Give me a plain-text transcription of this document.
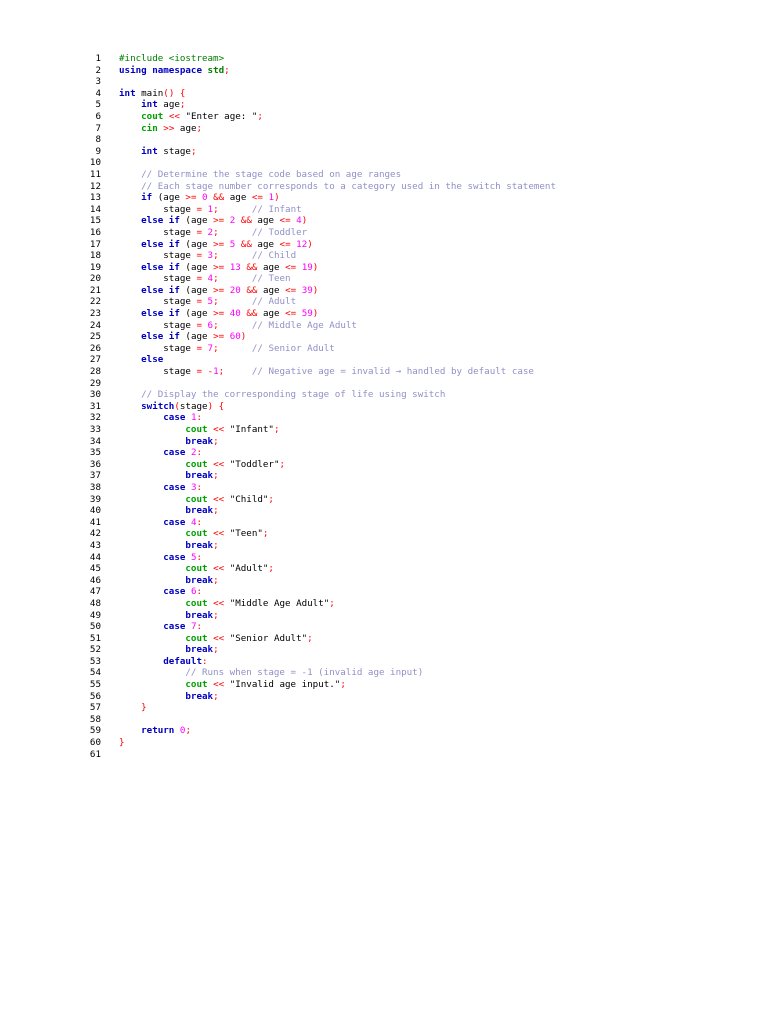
1 #include <iostream>
2 using namespace std;
3
4 int main() {
5	int age;
6	cout << "Enter age: ";
7	cin >> age;
8
9	int stage;
10
11	// Determine the stage code based on age ranges
12	// Each stage number corresponds to a category used in the switch statement
13	if (age >= 0 && age <= 1)
14 stage = 1;	// Infant
15	else if (age >= 2 && age <= 4)
16 stage = 2;	// Toddler
17	else if (age >= 5 && age <= 12)
18 stage = 3;	// Child
19	else if (age >= 13 && age <= 19)
20 stage = 4;	// Teen
21	else if (age >= 20 && age <= 39)
22 stage = 5;	// Adult
23	else if (age >= 40 && age <= 59)
24 stage = 6;	// Middle Age Adult
25	else if (age >= 60)
26 stage = 7;	// Senior Adult
27	else
28 stage = -1;	// Negative age = invalid → handled by default case
29
30	// Display the corresponding stage of life using switch
31	switch(stage) {
32	case 1:
33	cout << "Infant";
34	break;
35	case 2:
36	cout << "Toddler";
37	break;
38	case 3:
39	cout << "Child";
40	break;
41	case 4:
42	cout << "Teen";
43	break;
44	case 5:
45	cout << "Adult";
46	break;
47	case 6:
48	cout << "Middle Age Adult";
49	break;
50	case 7:
51	cout << "Senior Adult";
52	break;
53	default:
54	// Runs when stage = -1 (invalid age input)
55	cout << "Invalid age input.";
56	break;
57	}
58
59	return 0;
60 }
61
